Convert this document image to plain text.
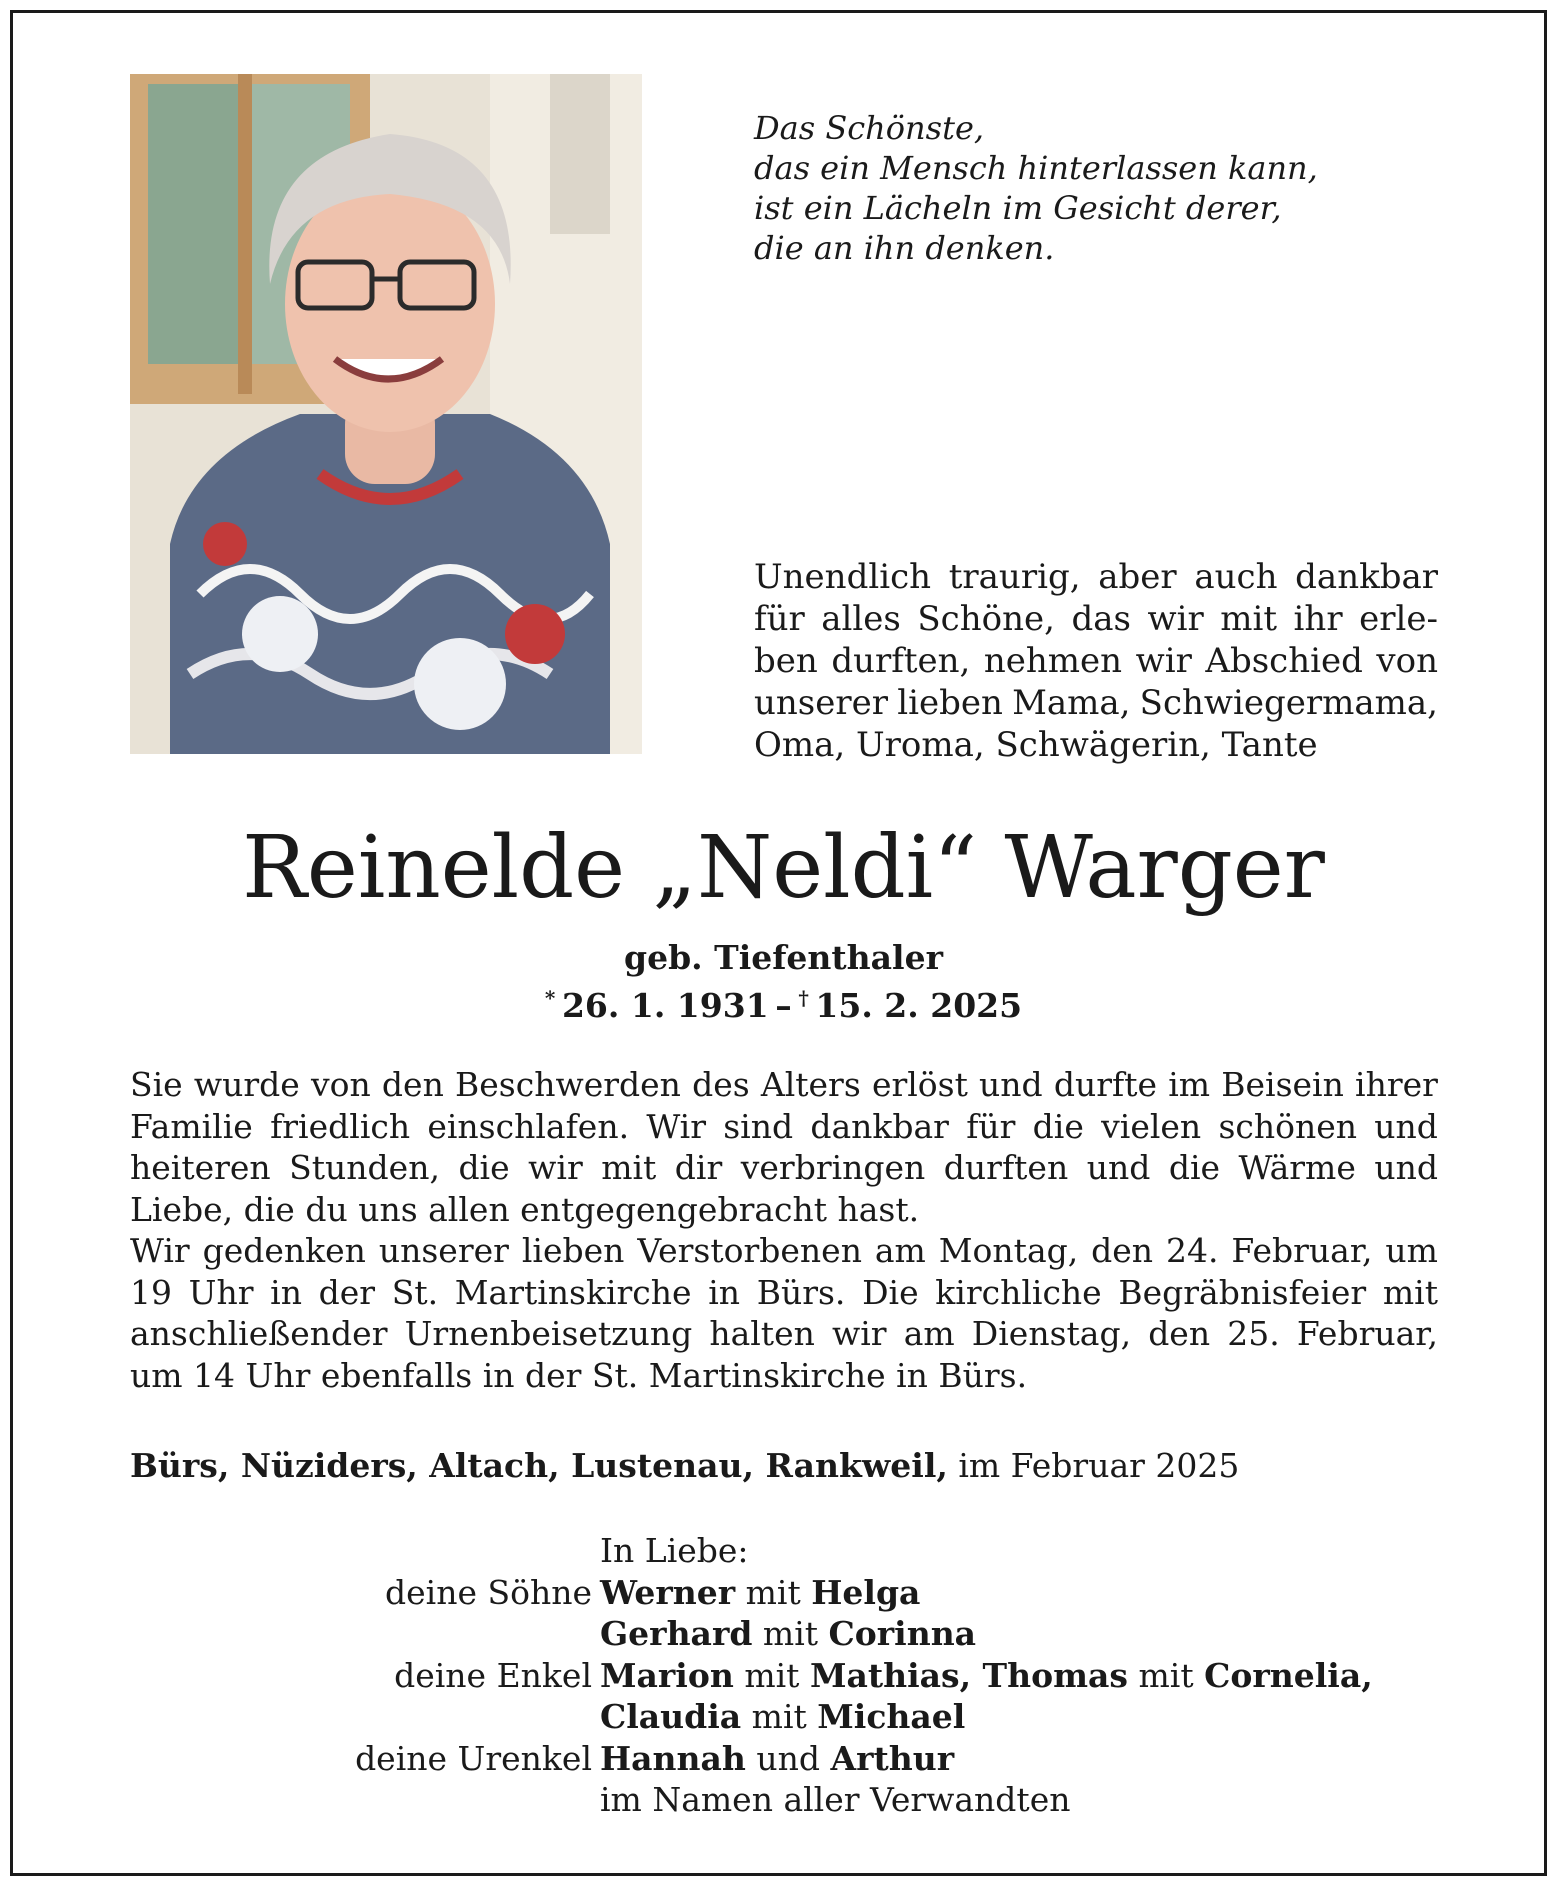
Das Schönste,
das ein Mensch hinterlassen kann,
ist ein Lächeln im Gesicht derer,
die an ihn denken.
Unendlich traurig, aber auch dankbar
für alles Schöne, das wir mit ihr erle-
ben durften, nehmen wir Abschied von
unserer lieben Mama, Schwiegermama,
Oma, Uroma, Schwägerin, Tante
Reinelde „Neldi“ Warger
geb. Tiefenthaler
*  26. 1. 1931  –  †  15. 2. 2025
Sie wurde von den Beschwerden des Alters erlöst und durfte im Beisein ihrer
Familie friedlich einschlafen. Wir sind dankbar für die vielen schönen und
heiteren Stunden, die wir mit dir verbringen durften und die Wärme und
Liebe, die du uns allen entgegengebracht hast.
Wir gedenken unserer lieben Verstorbenen am Montag, den 24. Februar, um
19 Uhr in der St. Martinskirche in Bürs. Die kirchliche Begräbnisfeier mit
anschließender Urnenbeisetzung halten wir am Dienstag, den 25. Februar,
um 14 Uhr ebenfalls in der St. Martinskirche in Bürs.
Bürs, Nüziders, Altach, Lustenau, Rankweil, im Februar 2025
In Liebe:
deine Söhne Werner mit Helga
Gerhard mit Corinna
deine Enkel Marion mit Mathias, Thomas mit Cornelia,
Claudia mit Michael
deine Urenkel Hannah und Arthur
im Namen aller Verwandten
